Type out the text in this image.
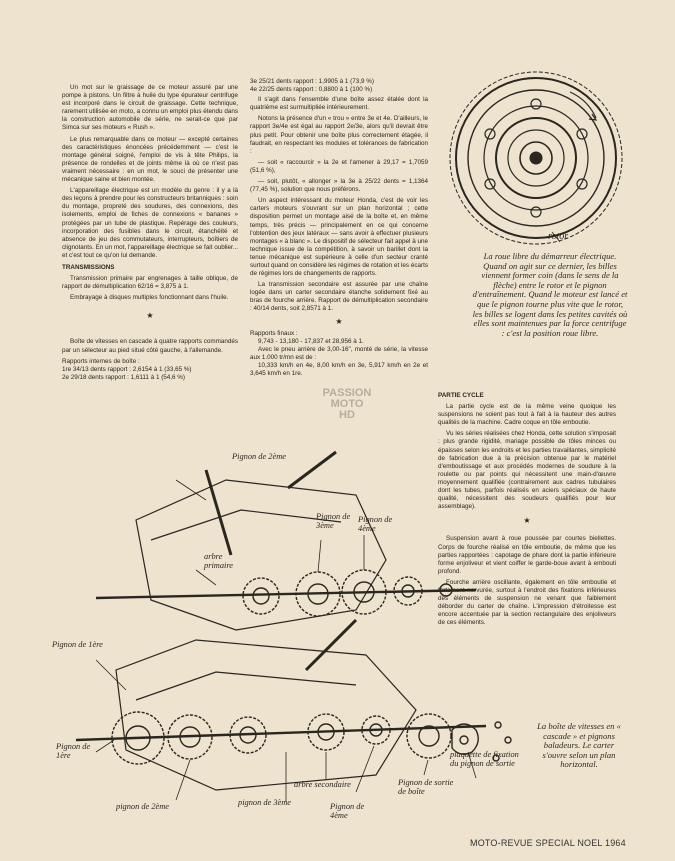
Un mot sur le graissage de ce moteur assuré par une pompe à pistons. Un filtre à huile du type épurateur centrifuge est incorporé dans le circuit de graissage. Cette technique, rarement utilisée en moto, a connu un emploi plus étendu dans la construction automobile de série, ne serait-ce que par Simca sur ses moteurs « Rush ».

Le plus remarquable dans ce moteur — excepté certaines des caractéristiques énoncées précédemment — c'est le montage général soigné, l'emploi de vis à tête Philips, la présence de rondelles et de joints même là où ce n'est pas vraiment nécessaire : en un mot, le souci de présenter une mécanique saine et bien montée.

L'appareillage électrique est un modèle du genre : il y a là des leçons à prendre pour les constructeurs britanniques : soin du montage, propreté des soudures, des connexions, des isolements, emploi de fiches de connexions « bananes » protégées par un tube de plastique. Repérage des couleurs, incorporation des fusibles dans le circuit, étanchéité et absence de jeu des commutateurs, interrupteurs, boîtiers de clignotants. En un mot, l'appareillage électrique se fait oublier... et c'est tout ce qu'on lui demande.

TRANSMISSIONS

Transmission primaire par engrenages à taille oblique, de rapport de démultiplication 62/16 = 3,875 à 1.

Embrayage à disques multiples fonctionnant dans l'huile.

★

Boîte de vitesses en cascade à quatre rapports commandés par un sélecteur au pied situé côté gauche, à l'allemande.

Rapports internes de boîte :

1re 34/13 dents rapport : 2,6154 à 1 (33,65 %)

2e 29/18 dents rapport : 1,6111 à 1 (54,6 %)

3e 25/21 dents rapport : 1,9905 à 1 (73,9 %)

4e 22/25 dents rapport : 0,8800 à 1 (100 %)

Il s'agit dans l'ensemble d'une boîte assez étalée dont la quatrième est surmultipliée intérieurement.

Notons la présence d'un « trou » entre 3e et 4e. D'ailleurs, le rapport 3e/4e est égal au rapport 2e/3e, alors qu'il devrait être plus petit. Pour obtenir une boîte plus correctement étagée, il faudrait, en respectant les modules et tolérances de fabrication :

— soit « raccourcir » la 2e et l'amener à 29,17 = 1,7059 (51,6 %),

— soit, plutôt, « allonger » la 3e à 25/22 dents = 1,1364 (77,45 %), solution que nous préférons.

Un aspect intéressant du moteur Honda, c'est de voir les carters moteurs s'ouvrant sur un plan horizontal ; cette disposition permet un montage aisé de la boîte et, en même temps, très précis — principalement en ce qui concerne l'obtention des jeux latéraux — sans avoir à effectuer plusieurs montages « à blanc ». Le dispositif de sélecteur fait appel à une technique issue de la compétition, à savoir un barillet dont la tenue mécanique est supérieure à celle d'un secteur cranté surtout quand on considère les régimes de rotation et les écarts de régimes lors de changements de rapports.

La transmission secondaire est assurée par une chaîne logée dans un carter secondaire étanche solidement fixé au bras de fourche arrière. Rapport de démultiplication secondaire : 40/14 dents, soit 2,8571 à 1.

★

Rapports finaux :

9,743 - 13,180 - 17,837 et 28,956 à 1.

Avec le pneu arrière de 3,00-16", monté de série, la vitesse aux 1.000 tr/mn est de :

10,333 km/h en 4e, 8,00 km/h en 3e, 5,917 km/h en 2e et 3,645 km/h en 1re.

PARTIE CYCLE

La partie cycle est de la même veine quoique les suspensions ne soient pas tout à fait à la hauteur des autres qualités de la machine. Cadre coque en tôle emboutie.

Vu les séries réalisées chez Honda, cette solution s'imposait : plus grande rigidité, mariage possible de tôles minces ou épaisses selon les endroits et les parties travaillantes, simplicité de fabrication due à la précision obtenue par le matériel d'emboutissage et aux procédés modernes de soudure à la roulette ou par points qui nécessitent une main-d'œuvre moyennement qualifiée (contrairement aux cadres tubulaires dont les tubes, parfois réalisés en aciers spéciaux de haute qualité, nécessitent des soudeurs qualifiés pour leur assemblage).

★

Suspension avant à roue poussée par courtes biellettes. Corps de fourche réalisé en tôle emboutie, de même que les parties rapportées : capotage de phare dont la partie inférieure forme enjoliveur et vient coiffer le garde-boue avant à embouti profond.

Fourche arrière oscillante, également en tôle emboutie et fortement nervurée, surtout à l'endroit des fixations inférieures des éléments de suspension ne venant que faiblement déborder du carter de chaîne. L'impression d'étroitesse est encore accentuée par la section rectangulaire des enjoliveurs de ces éléments.

rotor
La roue libre du démarreur électrique. Quand on agit sur ce dernier, les billes viennent former coin (dans le sens de la flèche) entre le rotor et le pignon d'entraînement. Quand le moteur est lancé et que le pignon tourne plus vite que le rotor, les billes se logent dans les petites cavités où elles sont maintenues par la force centrifuge : c'est la position roue libre.
PASSION MOTO HD
Pignon de 2ème
Pignon de 3ème
Pignon de 4ème
arbre primaire
Pignon de 1ère
Pignon de 1ère
pignon de 2ème	pignon de 3ème
arbre secondaire
Pignon de 4ème
Pignon de sortie de boîte
plaquette de fixation du pignon de sortie
La boîte de vitesses en « cascade » et pignons baladeurs. Le carter s'ouvre selon un plan horizontal.
MOTO-REVUE SPECIAL NOEL 1964
